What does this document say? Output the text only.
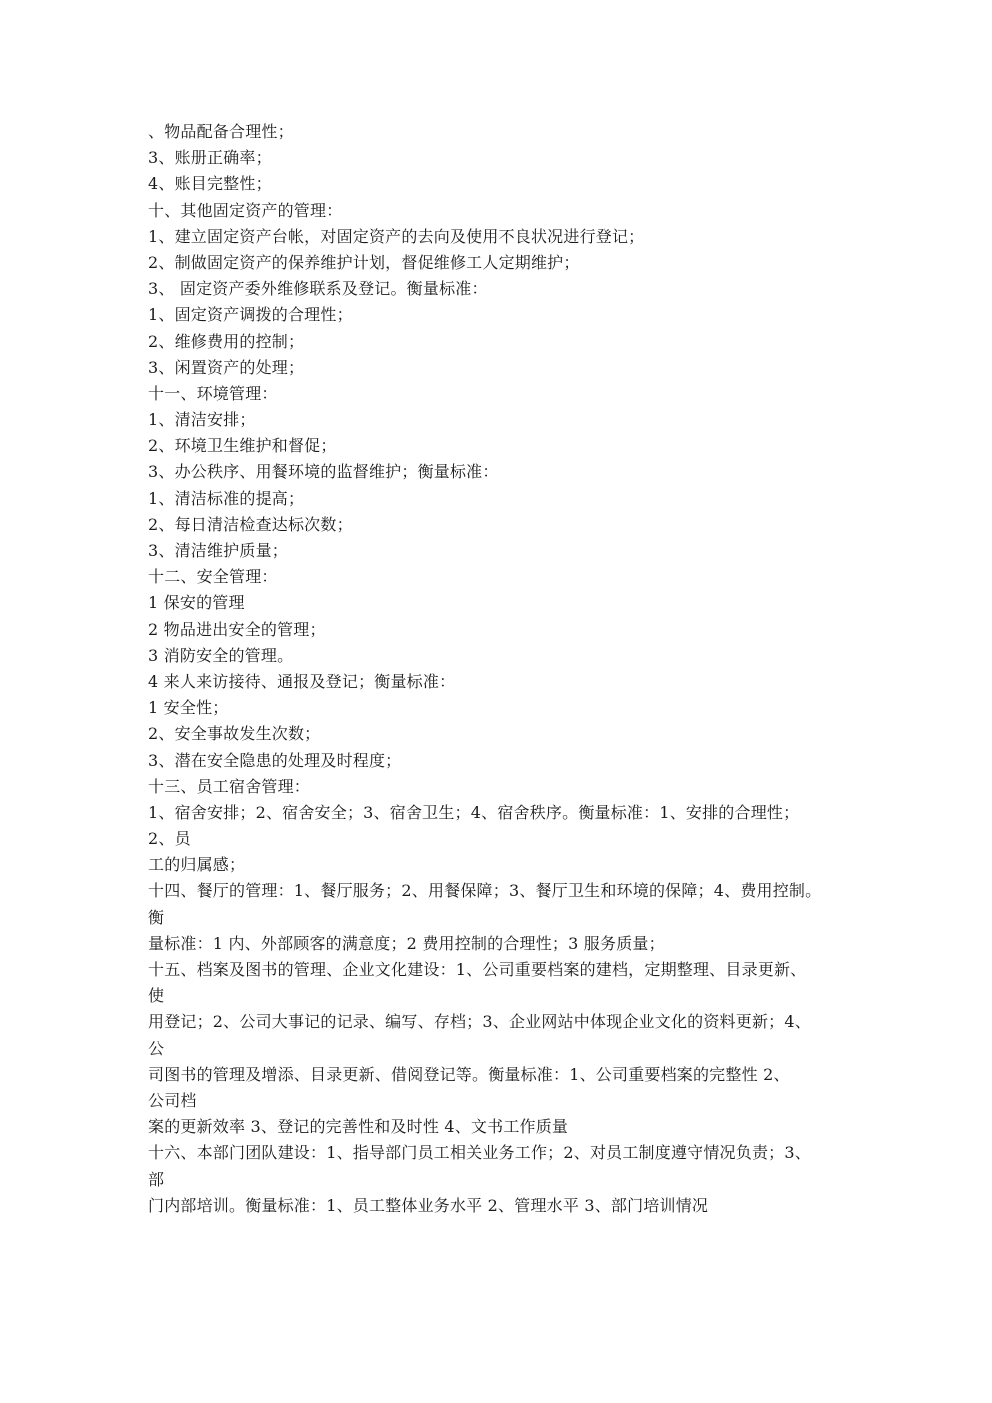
、物品配备合理性；
3、账册正确率；
4、账目完整性；
十、其他固定资产的管理：
1、建立固定资产台帐，对固定资产的去向及使用不良状况进行登记；
2、制做固定资产的保养维护计划，督促维修工人定期维护；
3、 固定资产委外维修联系及登记。衡量标准：
1、固定资产调拨的合理性；
2、维修费用的控制；
3、闲置资产的处理；
十一、环境管理：
1、清洁安排；
2、环境卫生维护和督促；
3、办公秩序、用餐环境的监督维护；衡量标准：
1、清洁标准的提高；
2、每日清洁检查达标次数；
3、清洁维护质量；
十二、安全管理：
1 保安的管理
2 物品进出安全的管理；
3 消防安全的管理。
4 来人来访接待、通报及登记；衡量标准：
1 安全性；
2、安全事故发生次数；
3、潜在安全隐患的处理及时程度；
十三、员工宿舍管理：
1、宿舍安排；2、宿舍安全；3、宿舍卫生；4、宿舍秩序。衡量标准：1、安排的合理性；
2、员
工的归属感；
十四、餐厅的管理：1、餐厅服务；2、用餐保障；3、餐厅卫生和环境的保障；4、费用控制。
衡
量标准：1 内、外部顾客的满意度；2 费用控制的合理性；3 服务质量；
十五、档案及图书的管理、企业文化建设：1、公司重要档案的建档，定期整理、目录更新、
使
用登记；2、公司大事记的记录、编写、存档；3、企业网站中体现企业文化的资料更新；4、
公
司图书的管理及增添、目录更新、借阅登记等。衡量标准：1、公司重要档案的完整性 2、
公司档
案的更新效率 3、登记的完善性和及时性 4、文书工作质量
十六、本部门团队建设：1、指导部门员工相关业务工作；2、对员工制度遵守情况负责；3、
部
门内部培训。衡量标准：1、员工整体业务水平 2、管理水平 3、部门培训情况
